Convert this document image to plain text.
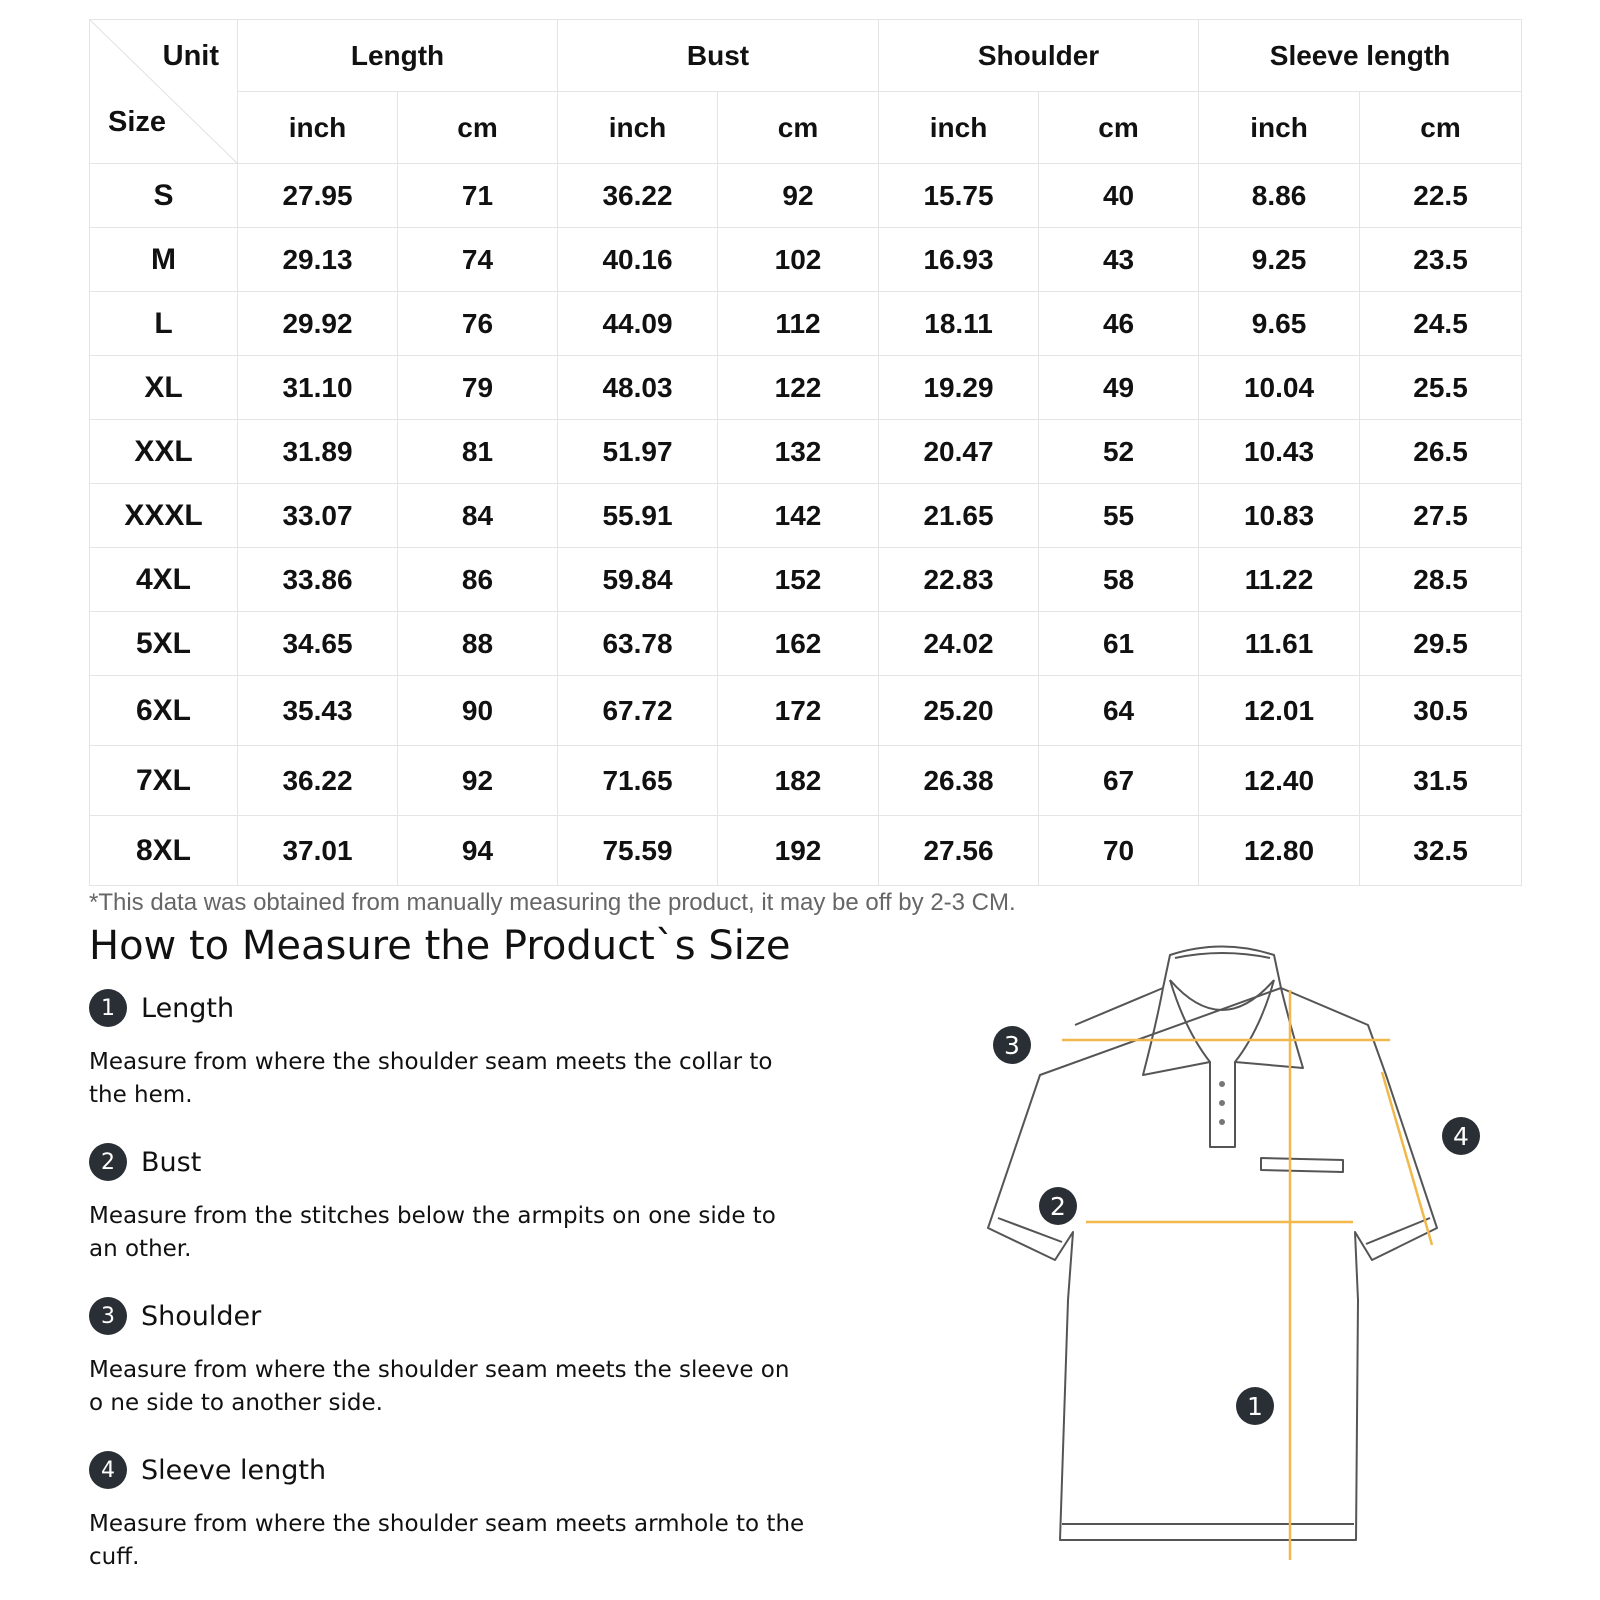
Unit
Size	Length		Bust		Shoulder		Sleeve length	
	inch	cm	inch	cm	inch	cm	inch	cm
S	27.95	71	36.22	92	15.75	40	8.86	22.5
M	29.13	74	40.16	102	16.93	43	9.25	23.5
L	29.92	76	44.09	112	18.11	46	9.65	24.5
XL	31.10	79	48.03	122	19.29	49	10.04	25.5
XXL	31.89	81	51.97	132	20.47	52	10.43	26.5
XXXL	33.07	84	55.91	142	21.65	55	10.83	27.5
4XL	33.86	86	59.84	152	22.83	58	11.22	28.5
5XL	34.65	88	63.78	162	24.02	61	11.61	29.5
6XL	35.43	90	67.72	172	25.20	64	12.01	30.5
7XL	36.22	92	71.65	182	26.38	67	12.40	31.5
8XL	37.01	94	75.59	192	27.56	70	12.80	32.5
*This data was obtained from manually measuring the product, it may be off by 2-3 CM.
How to Measure the Product`s Size
1 Length
Measure from where the shoulder seam meets the collar to the hem.
2 Bust
Measure from the stitches below the armpits on one side to an other.
3 Shoulder
Measure from where the shoulder seam meets the sleeve on o ne side to another side.
4 Sleeve length
Measure from where the shoulder seam meets armhole to the cuff.
3
4
2
1
